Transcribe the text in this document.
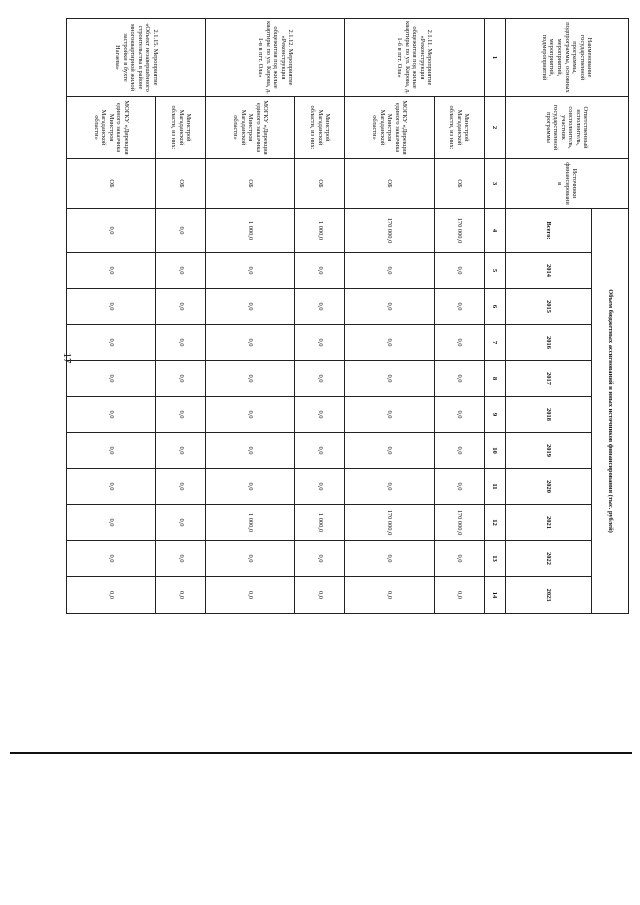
17
Наименование государственной программы, подпрограммы, основных мероприятий, мероприятий, подмероприятий	Ответственный исполнитель, соисполнитель, участник государственной программы	Источники финансирования	Объем бюджетных ассигнований и иных источников финансирования (тыс. рублей)										
			Всего:	2014	2015	2016	2017	2018	2019	2020	2021	2022	2023
1	2	3	4	5	6	7	8	9	10	11	12	13	14
2.1.11. Мероприятие «Реконструкция общежития под жилые квартиры по ул. Кирова, д. 1-б в пгт. Ола»	Минстрой Магаданской области, из них:	ОБ	170 000,0	0,0	0,0	0,0	0,0	0,0	0,0	0,0	170 000,0	0,0	0,0
	МОГКУ «Дирекция единого заказчика Минстроя Магаданской области»	ОБ	170 000,0	0,0	0,0	0,0	0,0	0,0	0,0	0,0	170 000,0	0,0	0,0
2.1.12. Мероприятие «Реконструкция общежития под жилые квартиры по ул. Кирова, д. 1-в в пгт. Ола»	Минстрой Магаданской области, из них:	ОБ	1 000,0	0,0	0,0	0,0	0,0	0,0	0,0	0,0	1 000,0	0,0	0,0
	МОГКУ «Дирекция единого заказчика Минстроя Магаданской области»	ОБ	1 000,0	0,0	0,0	0,0	0,0	0,0	0,0	0,0	1 000,0	0,0	0,0
2.1.15. Мероприятие «Объект незавершённого строительства в районе многоквартирной жилой застройки в бухте Нагаева»	Минстрой Магаданской области, из них:	ОБ	0,0	0,0	0,0	0,0	0,0	0,0	0,0	0,0	0,0	0,0	0,0
	МОГКУ «Дирекция единого заказчика Минстроя Магаданской области»	ОБ	0,0	0,0	0,0	0,0	0,0	0,0	0,0	0,0	0,0	0,0	0,0
